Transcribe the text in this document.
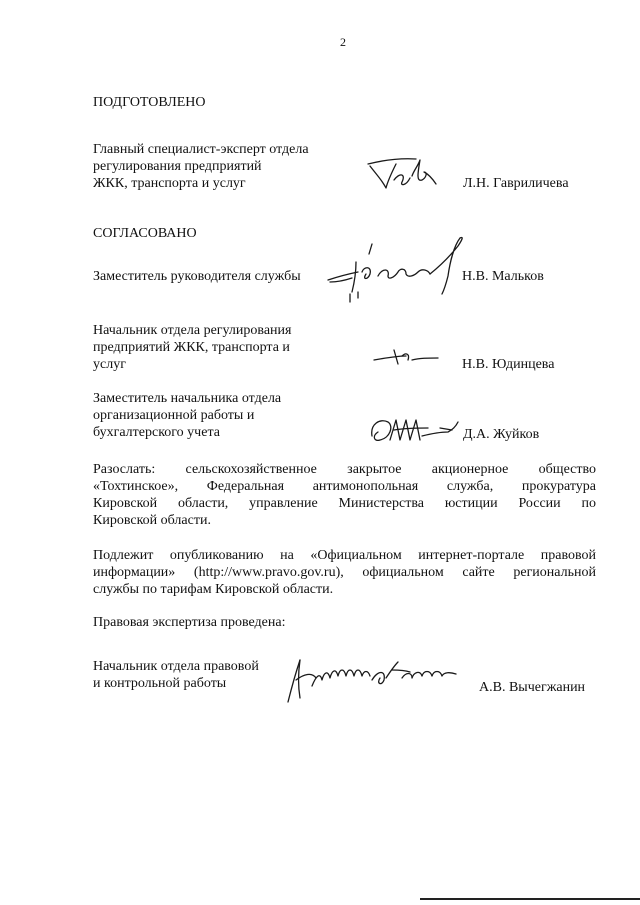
2
ПОДГОТОВЛЕНО
Главный специалист-эксперт отдела
регулирования предприятий
ЖКК, транспорта и услуг	Л.Н. Гавриличева
СОГЛАСОВАНО
Заместитель руководителя службы	Н.В. Мальков
Начальник отдела регулирования
предприятий ЖКК, транспорта и
услуг	Н.В. Юдинцева
Заместитель начальника отдела
организационной работы и
бухгалтерского учета	Д.А. Жуйков
Разослать: сельскохозяйственное закрытое акционерное общество
«Тохтинское», Федеральная антимонопольная служба, прокуратура
Кировской области, управление Министерства юстиции России по
Кировской области.
Подлежит опубликованию на «Официальном интернет-портале правовой
информации» (http://www.pravo.gov.ru), официальном сайте региональной
службы по тарифам Кировской области.
Правовая экспертиза проведена:
Начальник отдела правовой
и контрольной работы	А.В. Вычегжанин
